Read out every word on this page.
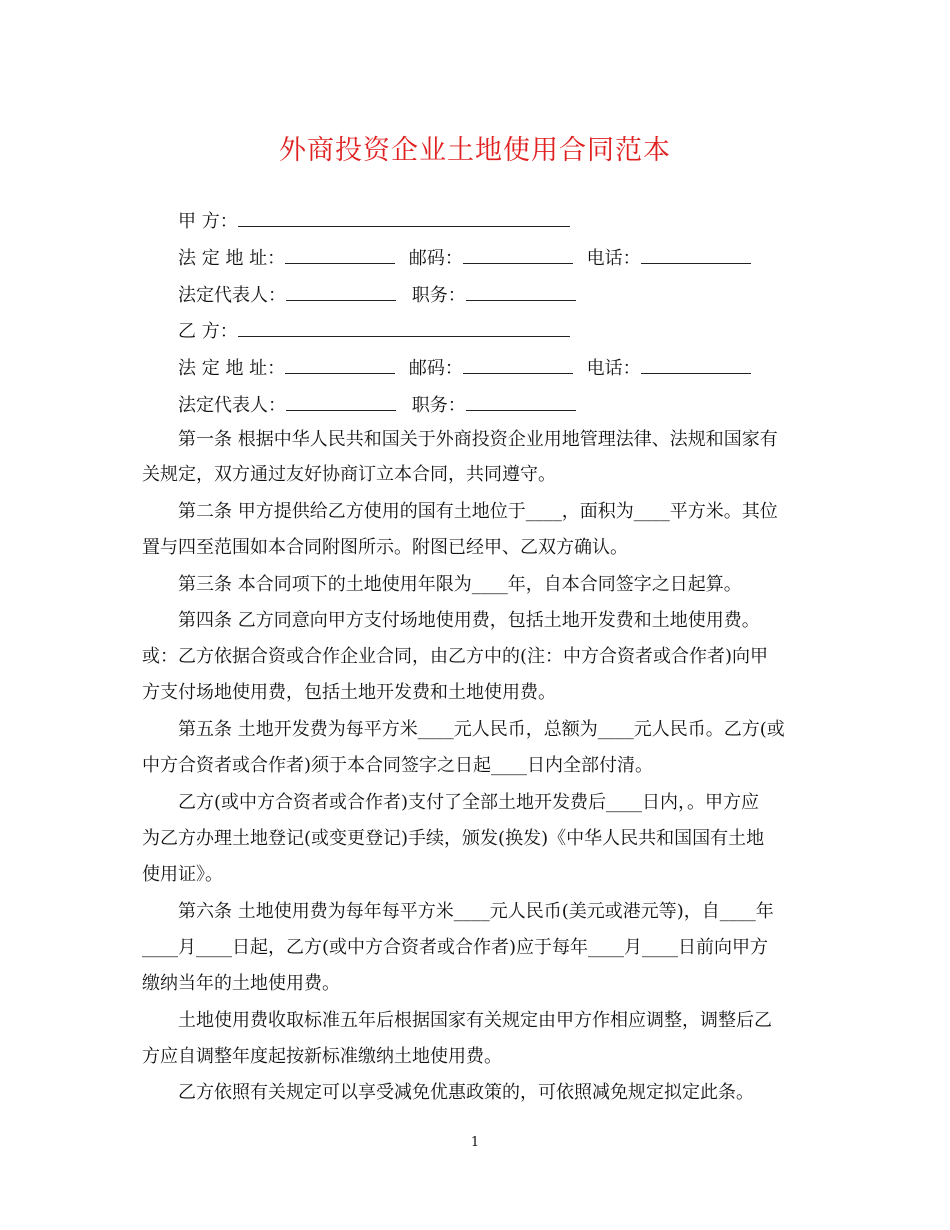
外商投资企业土地使用合同范本
甲 方：
法 定 地 址：	邮码：	电话：
法定代表人：	职务：
乙 方：
法 定 地 址：	邮码：	电话：
法定代表人：	职务：
第一条 根据中华人民共和国关于外商投资企业用地管理法律、法规和国家有
关规定，双方通过友好协商订立本合同，共同遵守。
第二条 甲方提供给乙方使用的国有土地位于____，面积为____平方米。其位
置与四至范围如本合同附图所示。附图已经甲、乙双方确认。
第三条 本合同项下的土地使用年限为____年，自本合同签字之日起算。
第四条 乙方同意向甲方支付场地使用费，包括土地开发费和土地使用费。
或：乙方依据合资或合作企业合同，由乙方中的(注：中方合资者或合作者)向甲
方支付场地使用费，包括土地开发费和土地使用费。
第五条 土地开发费为每平方米____元人民币，总额为____元人民币。乙方(或
中方合资者或合作者)须于本合同签字之日起____日内全部付清。
乙方(或中方合资者或合作者)支付了全部土地开发费后____日内，。甲方应
为乙方办理土地登记(或变更登记)手续，颁发(换发)《中华人民共和国国有土地
使用证》。
第六条 土地使用费为每年每平方米____元人民币(美元或港元等)，自____年
____月____日起，乙方(或中方合资者或合作者)应于每年____月____日前向甲方
缴纳当年的土地使用费。
土地使用费收取标准五年后根据国家有关规定由甲方作相应调整，调整后乙
方应自调整年度起按新标准缴纳土地使用费。
乙方依照有关规定可以享受减免优惠政策的，可依照减免规定拟定此条。
1
